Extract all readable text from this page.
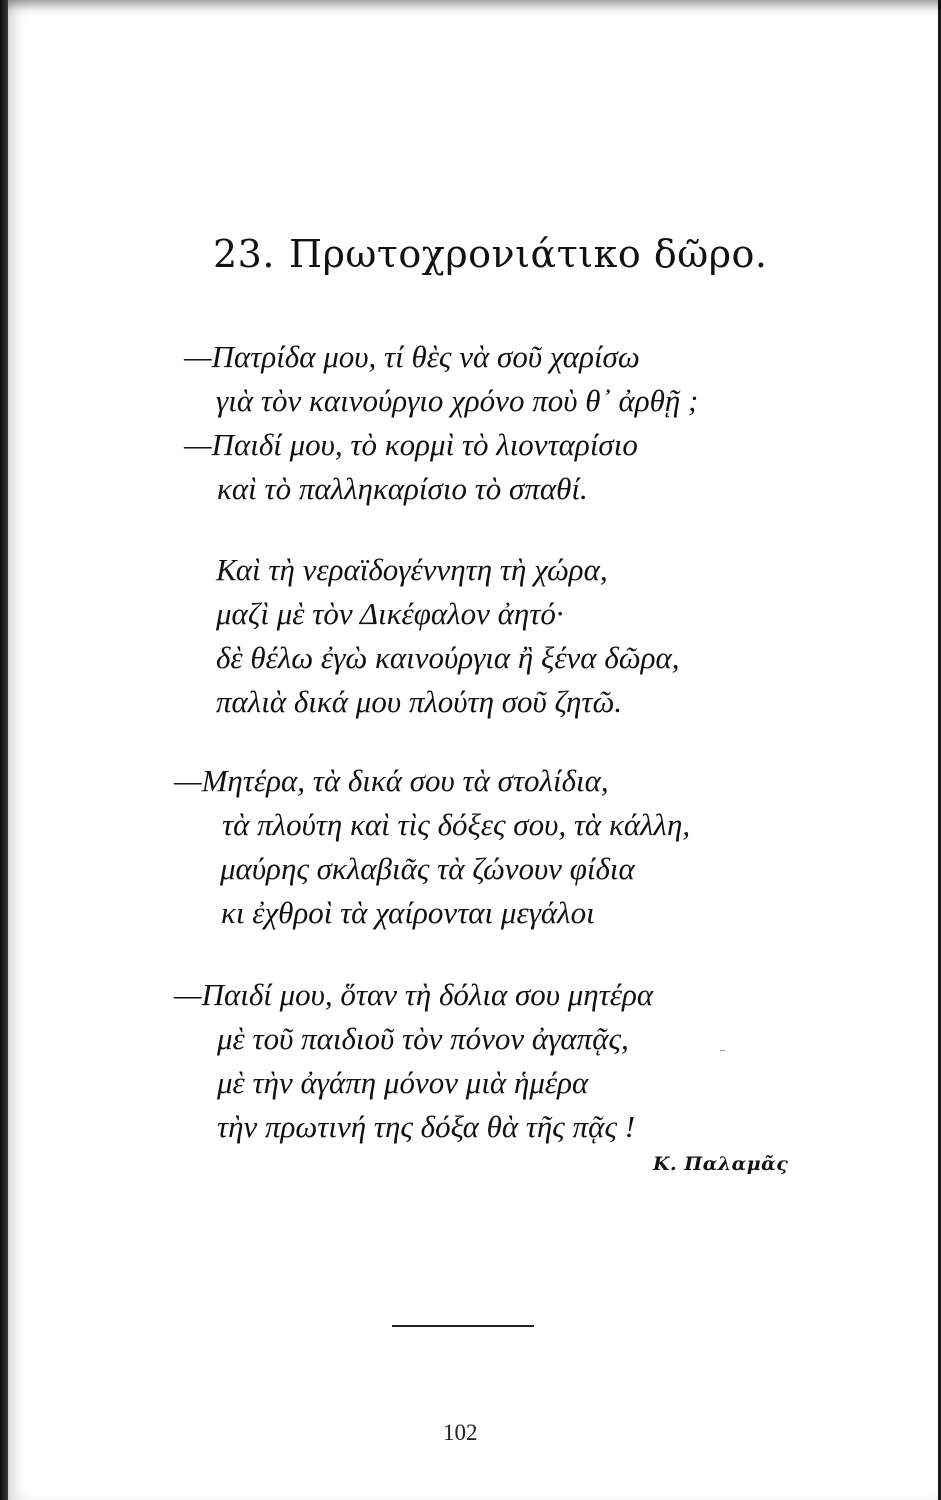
23. Πρωτοχρονιάτικο δῶρο.
—Πατρίδα μου, τί θὲς νὰ σοῦ χαρίσω
γιὰ τὸν καινούργιο χρόνο ποὺ θ᾽ ἀρθῇ ;
—Παιδί μου, τὸ κορμὶ τὸ λιονταρίσιο
καὶ τὸ παλληκαρίσιο τὸ σπαθί.
Καὶ τὴ νεραϊδογέννητη τὴ χώρα,
μαζὶ μὲ τὸν Δικέφαλον ἀητό·
δὲ θέλω ἐγὼ καινούργια ἢ ξένα δῶρα,
παλιὰ δικά μου πλούτη σοῦ ζητῶ.
—Μητέρα, τὰ δικά σου τὰ στολίδια,
τὰ πλούτη καὶ τὶς δόξες σου, τὰ κάλλη,
μαύρης σκλαβιᾶς τὰ ζώνουν φίδια
κι ἐχθροὶ τὰ χαίρονται μεγάλοι
—Παιδί μου, ὅταν τὴ δόλια σου μητέρα
μὲ τοῦ παιδιοῦ τὸν πόνον ἀγαπᾷς,
μὲ τὴν ἀγάπη μόνον μιὰ ἡμέρα
τὴν πρωτινή της δόξα θὰ τῆς πᾷς !
–
Κ. Παλαμᾶς
102
